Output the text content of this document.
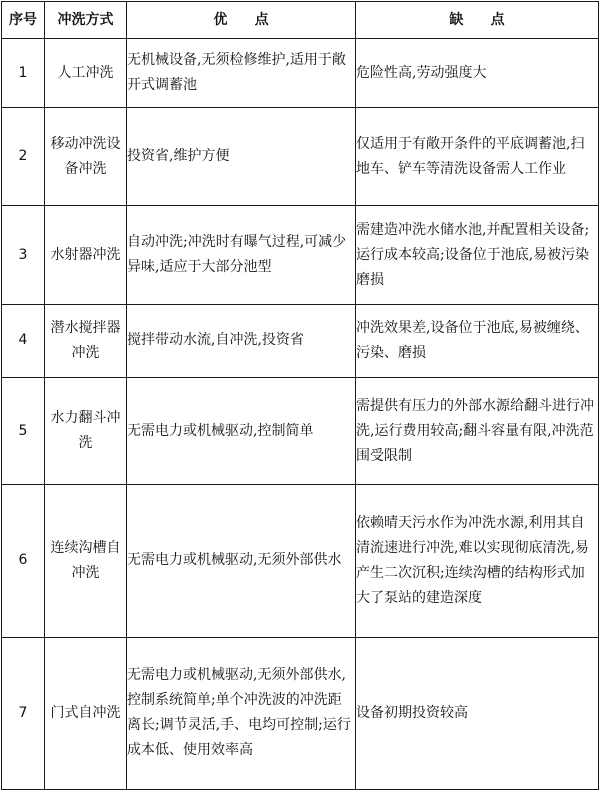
序号	冲洗方式	优 点	缺 点
1	人工冲洗	无机械设备,无须检修维护,适用于敞开式调蓄池	危险性高,劳动强度大
2	移动冲洗设备冲洗	投资省,维护方便	仅适用于有敞开条件的平底调蓄池,扫地车、铲车等清洗设备需人工作业
3	水射器冲洗	自动冲洗;冲洗时有曝气过程,可减少异味,适应于大部分池型	需建造冲洗水储水池,并配置相关设备;运行成本较高;设备位于池底,易被污染磨损
4	潜水搅拌器冲洗	搅拌带动水流,自冲洗,投资省	冲洗效果差,设备位于池底,易被缠绕、污染、磨损
5	水力翻斗冲洗	无需电力或机械驱动,控制简单	需提供有压力的外部水源给翻斗进行冲洗,运行费用较高;翻斗容量有限,冲洗范围受限制
6	连续沟槽自冲洗	无需电力或机械驱动,无须外部供水	依赖晴天污水作为冲洗水源,利用其自清流速进行冲洗,难以实现彻底清洗,易产生二次沉积;连续沟槽的结构形式加大了泵站的建造深度
7	门式自冲洗	无需电力或机械驱动,无须外部供水,控制系统简单;单个冲洗波的冲洗距离长;调节灵活,手、电均可控制;运行成本低、使用效率高	设备初期投资较高
